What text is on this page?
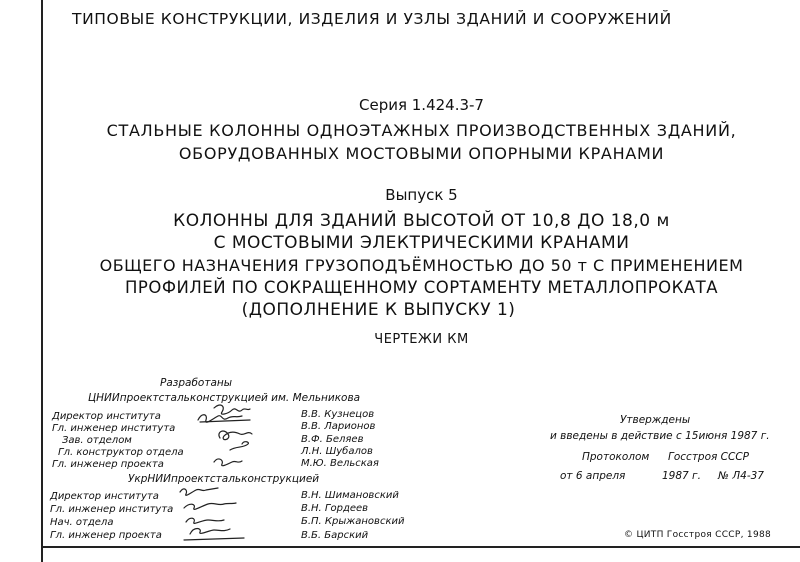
ТИПОВЫЕ КОНСТРУКЦИИ, ИЗДЕЛИЯ И УЗЛЫ ЗДАНИЙ И СООРУЖЕНИЙ
Серия 1.424.3-7
СТАЛЬНЫЕ КОЛОННЫ ОДНОЭТАЖНЫХ ПРОИЗВОДСТВЕННЫХ ЗДАНИЙ,
ОБОРУДОВАННЫХ МОСТОВЫМИ ОПОРНЫМИ КРАНАМИ
Выпуск 5
КОЛОННЫ ДЛЯ ЗДАНИЙ ВЫСОТОЙ ОТ 10,8 ДО 18,0 м
С МОСТОВЫМИ ЭЛЕКТРИЧЕСКИМИ КРАНАМИ
ОБЩЕГО НАЗНАЧЕНИЯ ГРУЗОПОДЪЁМНОСТЬЮ ДО 50 т С ПРИМЕНЕНИЕМ
ПРОФИЛЕЙ ПО СОКРАЩЕННОМУ СОРТАМЕНТУ МЕТАЛЛОПРОКАТА
(ДОПОЛНЕНИЕ К ВЫПУСКУ 1)
ЧЕРТЕЖИ КМ
Разработаны
ЦНИИпроектстальконструкцией им. Мельникова
Директор института
Гл. инженер института
Зав. отделом
Гл. конструктор отдела
Гл. инженер проекта
В.В. Кузнецов
В.В. Ларионов
В.Ф. Беляев
Л.Н. Шубалов
М.Ю. Вельская
УкрНИИпроектстальконструкцией
Директор института
Гл. инженер института
Нач. отдела
Гл. инженер проекта
В.Н. Шимановский
В.Н. Гордеев
Б.П. Крыжановский
В.Б. Барский
Утверждены
и введены в действие с 15июня 1987 г.
Протоколом Госстроя СССР
от 6 апреля	1987 г. № Л4-37
© ЦИТП Госстроя СССР, 1988
